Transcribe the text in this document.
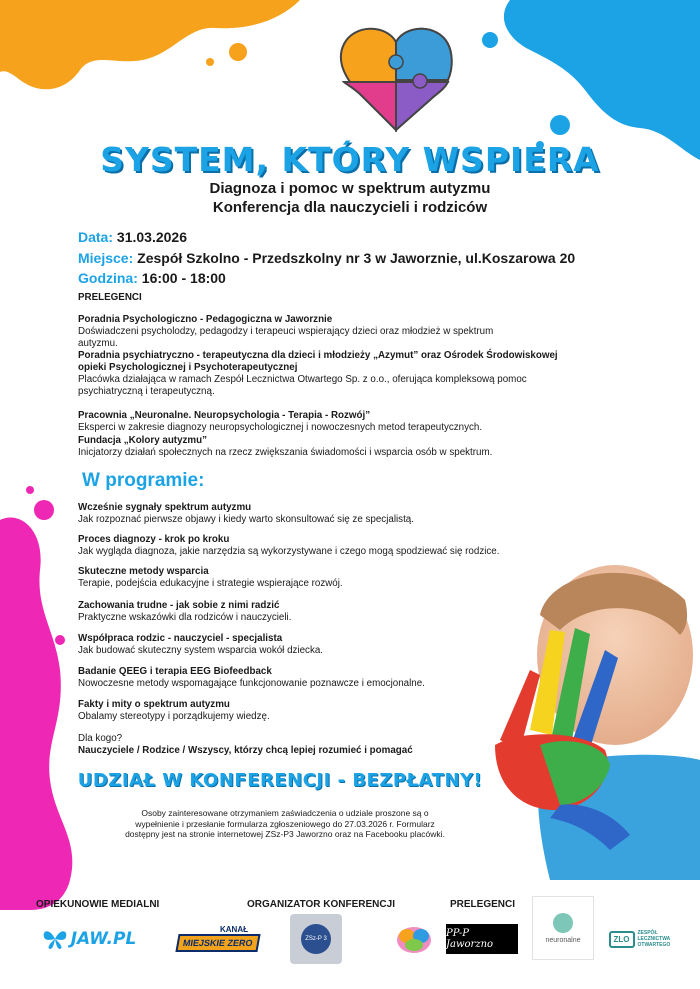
SYSTEM, KTÓRY WSPIERA
Diagnoza i pomoc w spektrum autyzmu
Konferencja dla nauczycieli i rodziców
Data: 31.03.2026
Miejsce: Zespół Szkolno - Przedszkolny nr 3 w Jaworznie, ul.Koszarowa 20
Godzina: 16:00 - 18:00
PRELEGENCI
Poradnia Psychologiczno - Pedagogiczna w Jaworznie
Doświadczeni psycholodzy, pedagodzy i terapeuci wspierający dzieci oraz młodzież w spektrum autyzmu.
Poradnia psychiatryczno - terapeutyczna dla dzieci i młodzieży „Azymut” oraz Ośrodek Środowiskowej opieki Psychologicznej i Psychoterapeutycznej
Placówka działająca w ramach Zespół Lecznictwa Otwartego Sp. z o.o., oferująca kompleksową pomoc psychiatryczną i terapeutyczną.
Pracownia „Neuronalne. Neuropsychologia - Terapia - Rozwój”
Eksperci w zakresie diagnozy neuropsychologicznej i nowoczesnych metod terapeutycznych.
Fundacja „Kolory autyzmu”
Inicjatorzy działań społecznych na rzecz zwiększania świadomości i wsparcia osób w spektrum.
W programie:
Wcześnie sygnały spektrum autyzmu
Jak rozpoznać pierwsze objawy i kiedy warto skonsultować się ze specjalistą.
Proces diagnozy - krok po kroku
Jak wygląda diagnoza, jakie narzędzia są wykorzystywane i czego mogą spodziewać się rodzice.
Skuteczne metody wsparcia
Terapie, podejścia edukacyjne i strategie wspierające rozwój.
Zachowania trudne - jak sobie z nimi radzić
Praktyczne wskazówki dla rodziców i nauczycieli.
Współpraca rodzic - nauczyciel - specjalista
Jak budować skuteczny system wsparcia wokół dziecka.
Badanie QEEG i terapia EEG Biofeedback
Nowoczesne metody wspomagające funkcjonowanie poznawcze i emocjonalne.
Fakty i mity o spektrum autyzmu
Obalamy stereotypy i porządkujemy wiedzę.
Dla kogo?
Nauczyciele / Rodzice / Wszyscy, którzy chcą lepiej rozumieć i pomagać
UDZIAŁ W KONFERENCJI - BEZPŁATNY!
Osoby zainteresowane otrzymaniem zaświadczenia o udziale proszone są o wypełnienie i przesłanie formularza zgłoszeniowego do 27.03.2026 r. Formularz dostępny jest na stronie internetowej ZSz-P3 Jaworzno oraz na Facebooku placówki.
OPIEKUNOWIE MEDIALNI	ORGANIZATOR KONFERENCJI	PRELEGENCI
JAW.PL	KANAŁ
MIEJSKIE ZERO	ZSz-P 3	PP-P Jaworzno	neuronalne	ZLO
ZESPÓŁ LECZNICTWA OTWARTEGO
